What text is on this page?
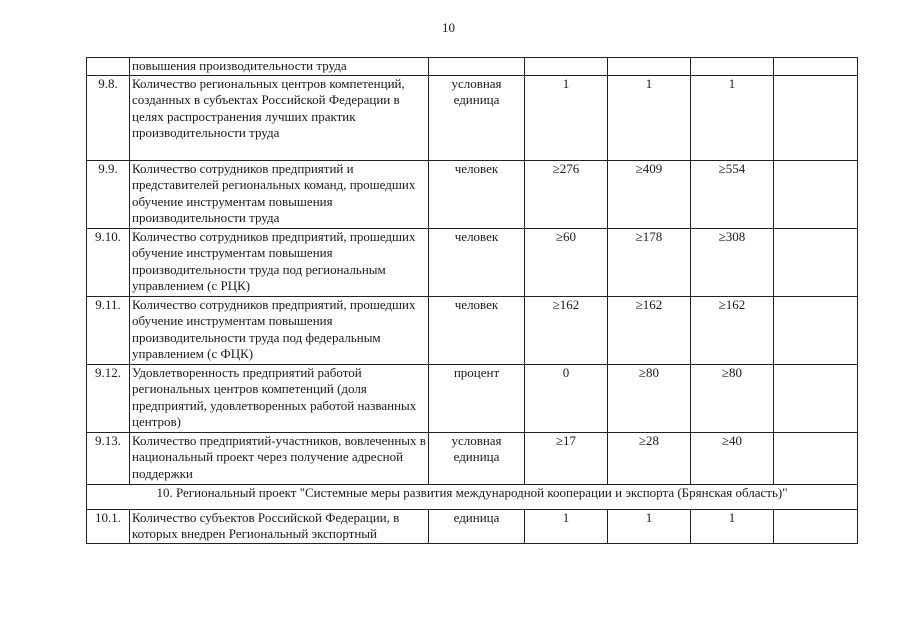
10
	повышения производительности труда					
9.8.	Количество региональных центров компетенций, созданных в субъектах Российской Федерации в целях распространения лучших практик производительности труда	условная единица	1	1	1	
9.9.	Количество сотрудников предприятий и представителей региональных команд, прошедших обучение инструментам повышения производительности труда	человек	≥276	≥409	≥554	
9.10.	Количество сотрудников предприятий, прошедших обучение инструментам повышения производительности труда под региональным управлением (с РЦК)	человек	≥60	≥178	≥308	
9.11.	Количество сотрудников предприятий, прошедших обучение инструментам повышения производительности труда под федеральным управлением (с ФЦК)	человек	≥162	≥162	≥162	
9.12.	Удовлетворенность предприятий работой региональных центров компетенций (доля предприятий, удовлетворенных работой названных центров)	процент	0	≥80	≥80	
9.13.	Количество предприятий-участников, вовлеченных в национальный проект через получение адресной поддержки	условная единица	≥17	≥28	≥40	
10. Региональный проект "Системные меры развития международной кооперации и экспорта (Брянская область)"						
10.1.	Количество субъектов Российской Федерации, в которых внедрен Региональный экспортный	единица	1	1	1	
